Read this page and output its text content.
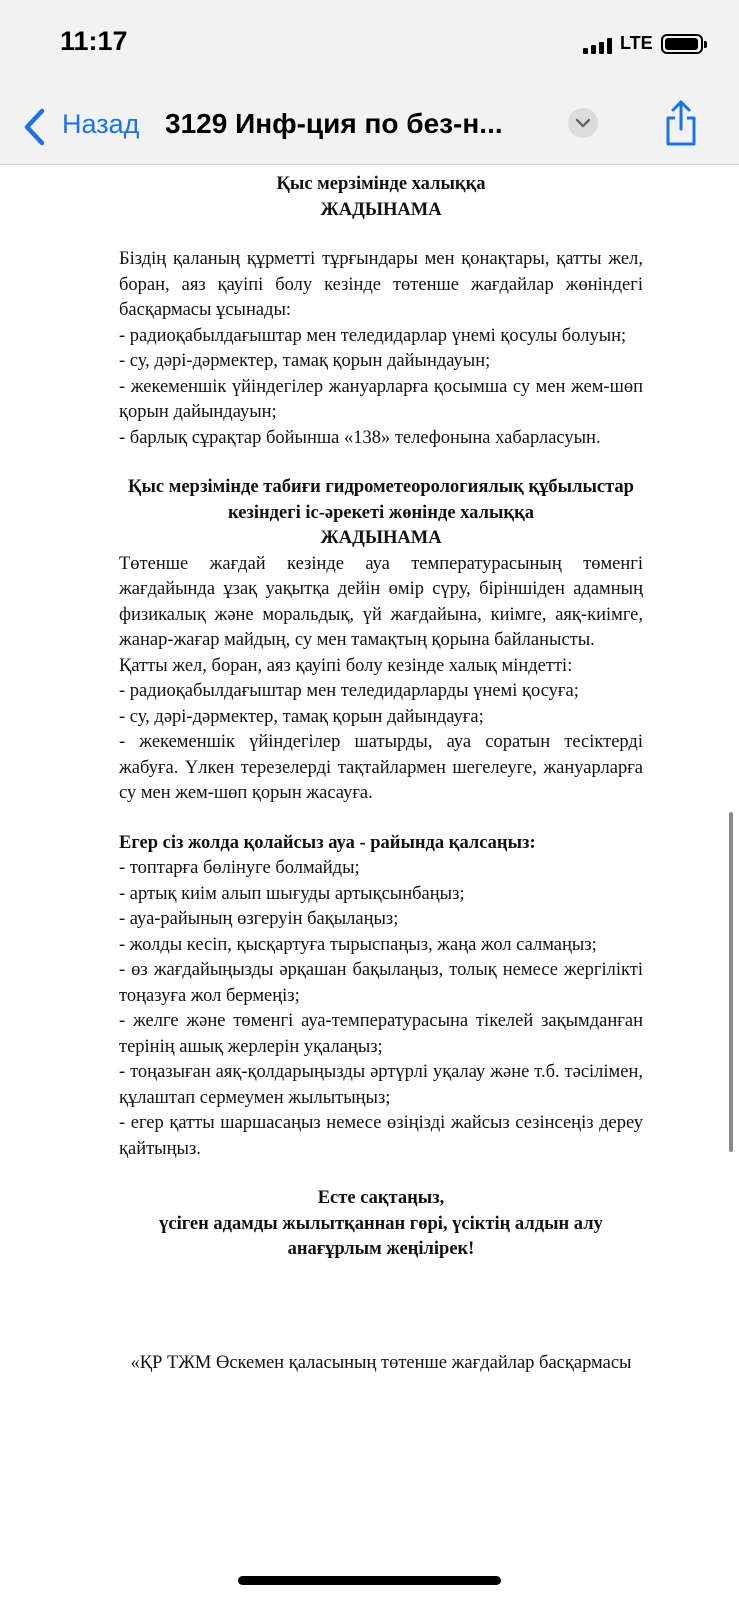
11:17	LTE
Назад 3129 Инф-ция по без-н...

Қыс мерзімінде халыққа

ЖАДЫНАМА

Біздің қаланың құрметті тұрғындары мен қонақтары, қатты жел, боран, аяз қауіпі болу кезінде төтенше жағдайлар жөніндегі басқармасы ұсынады:

- радиоқабылдағыштар мен теледидарлар үнемі қосулы болуын;

- су, дәрі-дәрмектер, тамақ қорын дайындауын;

- жекеменшік үйіндегілер жануарларға қосымша су мен жем-шөп қорын дайындауын;

- барлық сұрақтар бойынша «138» телефонына хабарласуын.

Қыс мерзімінде табиғи гидрометеорологиялық құбылыстар кезіндегі іс-әрекеті жөнінде халыққа

ЖАДЫНАМА

Төтенше жағдай кезінде ауа температурасының төменгі жағдайында ұзақ уақытқа дейін өмір сүру, біріншіден адамның физикалық және моральдық, үй жағдайына, киімге, аяқ-киімге, жанар-жағар майдың, су мен тамақтың қорына байланысты.

Қатты жел, боран, аяз қауіпі болу кезінде халық міндетті:

- радиоқабылдағыштар мен теледидарларды үнемі қосуға;

- су, дәрі-дәрмектер, тамақ қорын дайындауға;

- жекеменшік үйіндегілер шатырды, ауа соратын тесіктерді жабуға. Үлкен терезелерді тақтайлармен шегелеуге, жануарларға су мен жем-шөп қорын жасауға.

Егер сіз жолда қолайсыз ауа - райында қалсаңыз:

- топтарға бөлінуге болмайды;

- артық киім алып шығуды артықсынбаңыз;

- ауа-райының өзгеруін бақылаңыз;

- жолды кесіп, қысқартуға тырыспаңыз, жаңа жол салмаңыз;

- өз жағдайыңызды әрқашан бақылаңыз, толық немесе жергілікті тоңазуға жол бермеңіз;

- желге және төменгі ауа-температурасына тікелей зақымданған терінің ашық жерлерін уқалаңыз;

- тоңазыған аяқ-қолдарыңызды әртүрлі уқалау және т.б. тәсілімен, құлаштап сермеумен жылытыңыз;

- егер қатты шаршасаңыз немесе өзіңізді жайсыз сезінсеңіз дереу қайтыңыз.

Есте сақтаңыз,

үсіген адамды жылытқаннан гөрі, үсіктің алдын алу анағұрлым жеңілірек!

«ҚР ТЖМ Өскемен қаласының төтенше жағдайлар басқармасы
